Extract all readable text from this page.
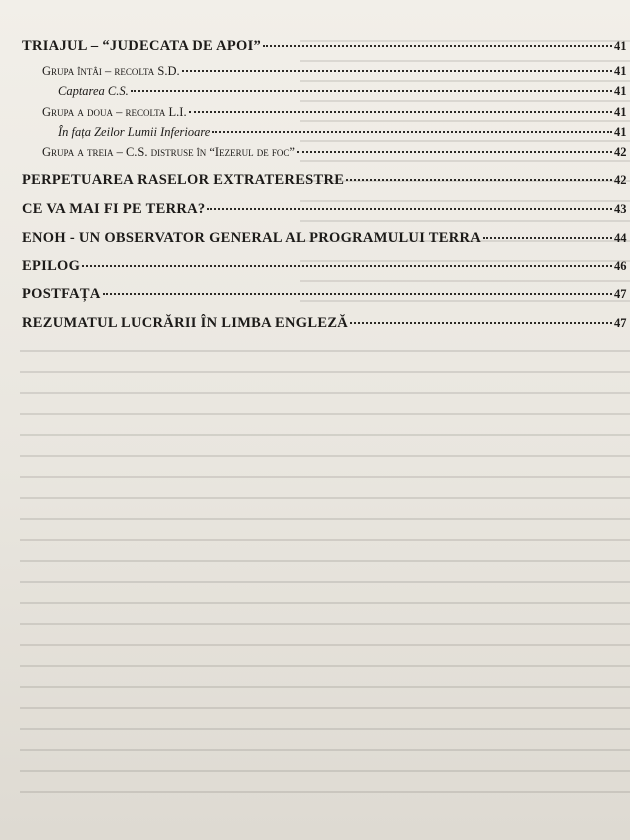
TRIAJUL – “JUDECATA DE APOI”	41
Grupa întâi – recolta S.D.	41
Captarea C.S.	41
Grupa a doua – recolta L.I.	41
În fața Zeilor Lumii Inferioare	41
Grupa a treia – C.S. distruse în “Iezerul de foc”	42
PERPETUAREA RASELOR EXTRATERESTRE	42
CE VA MAI FI PE TERRA?	43
ENOH - UN OBSERVATOR GENERAL AL PROGRAMULUI TERRA	44
EPILOG	46
POSTFAȚA	47
REZUMATUL LUCRĂRII ÎN LIMBA ENGLEZĂ	47
